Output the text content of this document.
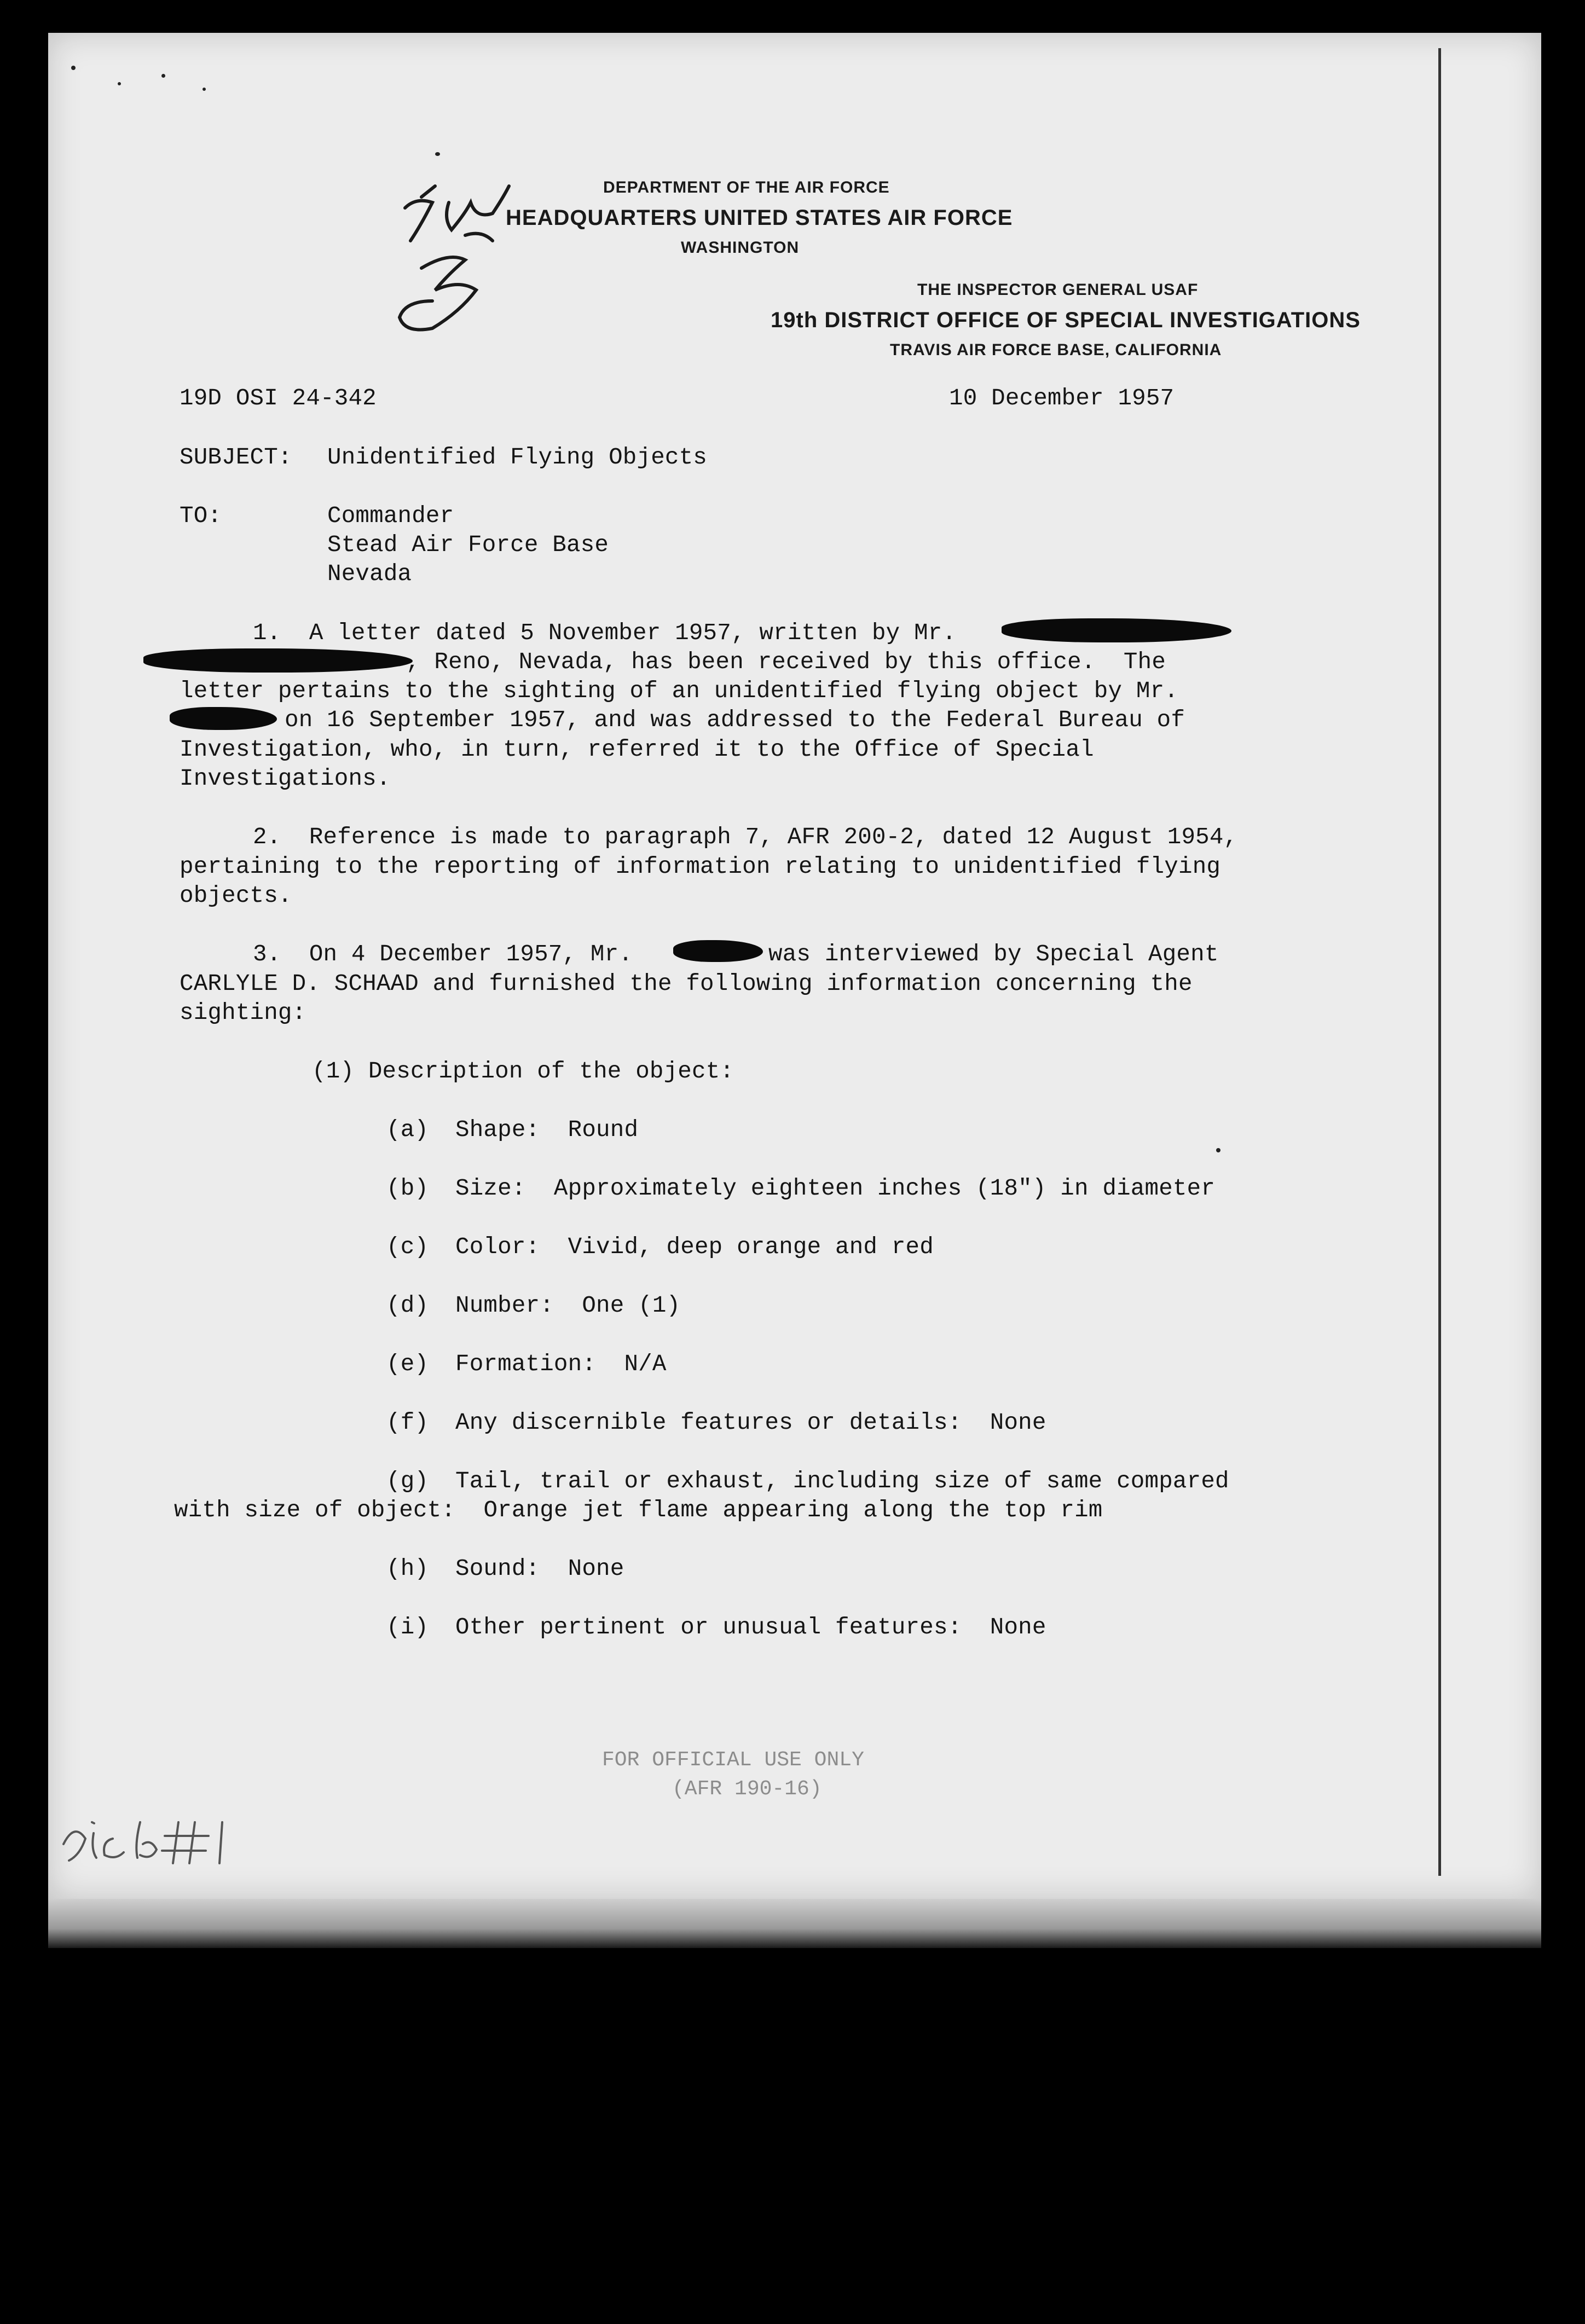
DEPARTMENT OF THE AIR FORCE
HEADQUARTERS UNITED STATES AIR FORCE
WASHINGTON
THE INSPECTOR GENERAL USAF
19th DISTRICT OFFICE OF SPECIAL INVESTIGATIONS
TRAVIS AIR FORCE BASE, CALIFORNIA
19D OSI 24-342	10 December 1957
SUBJECT: Unidentified Flying Objects
TO:	Commander
Stead Air Force Base
Nevada
1.  A letter dated 5 November 1957, written by Mr.
, Reno, Nevada, has been received by this office.  The
letter pertains to the sighting of an unidentified flying object by Mr.
on 16 September 1957, and was addressed to the Federal Bureau of
Investigation, who, in turn, referred it to the Office of Special
Investigations.
2.  Reference is made to paragraph 7, AFR 200-2, dated 12 August 1954,
pertaining to the reporting of information relating to unidentified flying
objects.
3.  On 4 December 1957, Mr.	was interviewed by Special Agent
CARLYLE D. SCHAAD and furnished the following information concerning the
sighting:
(1) Description of the object:
(a) Shape:  Round
(b) Size:  Approximately eighteen inches (18") in diameter
(c) Color:  Vivid, deep orange and red
(d) Number:  One (1)
(e) Formation:  N/A
(f) Any discernible features or details:  None
(g) Tail, trail or exhaust, including size of same compared
with size of object:  Orange jet flame appearing along the top rim
(h) Sound:  None
(i) Other pertinent or unusual features:  None
FOR OFFICIAL USE ONLY
(AFR 190-16)
